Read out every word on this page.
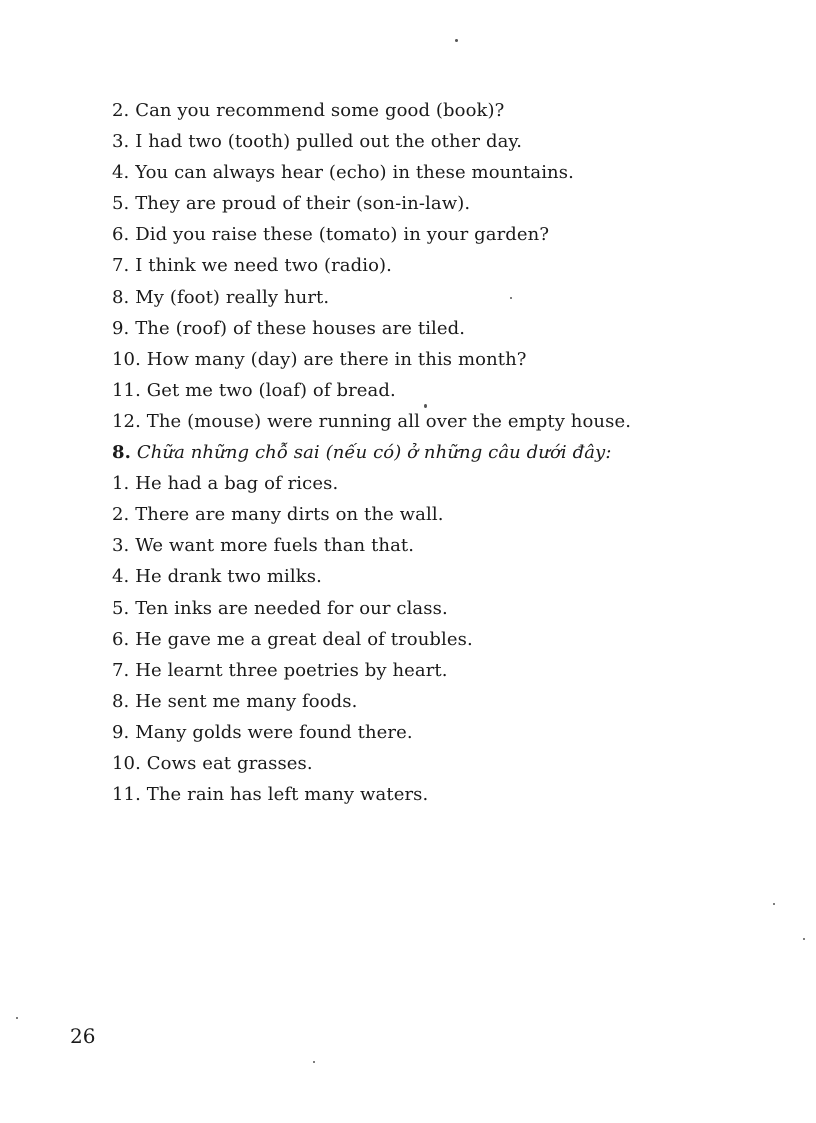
2. Can you recommend some good (book)?
3. I had two (tooth) pulled out the other day.
4. You can always hear (echo) in these mountains.
5. They are proud of their (son-in-law).
6. Did you raise these (tomato) in your garden?
7. I think we need two (radio).
8. My (foot) really hurt.
9. The (roof) of these houses are tiled.
10. How many (day) are there in this month?
11. Get me two (loaf) of bread.
12. The (mouse) were running all over the empty house.
8. Chữa những chỗ sai (nếu có) ở những câu dưới đây:
1. He had a bag of rices.
2. There are many dirts on the wall.
3. We want more fuels than that.
4. He drank two milks.
5. Ten inks are needed for our class.
6. He gave me a great deal of troubles.
7. He learnt three poetries by heart.
8. He sent me many foods.
9. Many golds were found there.
10. Cows eat grasses.
11. The rain has left many waters.
26
